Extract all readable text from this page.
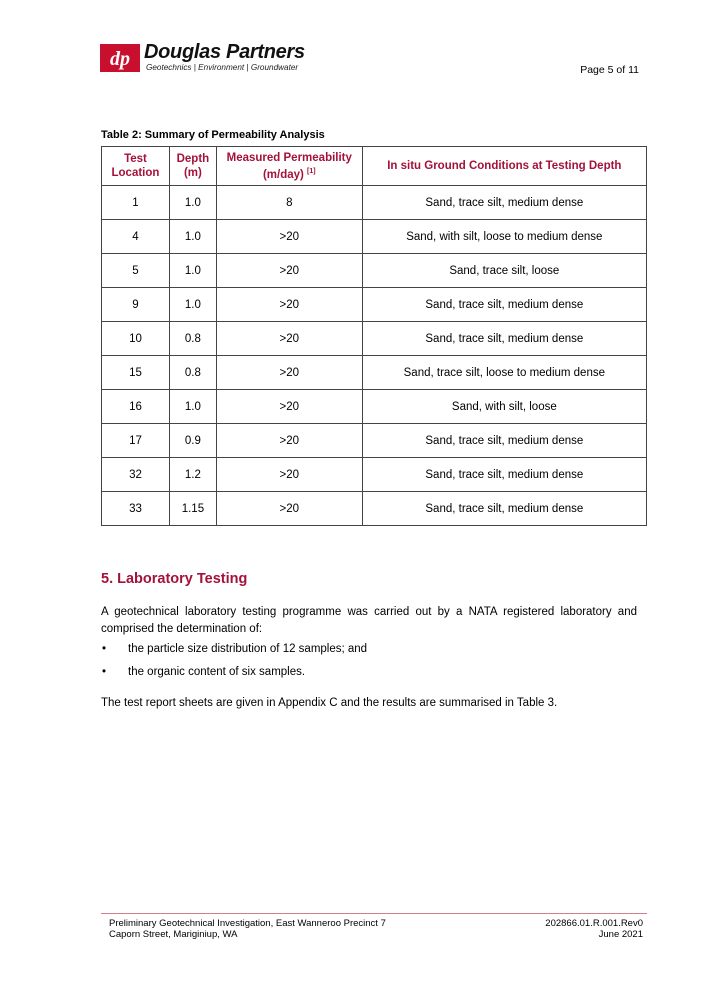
dp Douglas Partners
Geotechnics | Environment | Groundwater	Page 5 of 11
Table 2: Summary of Permeability Analysis
Test Location	Depth (m)	Measured Permeability (m/day) [1]	In situ Ground Conditions at Testing Depth
1	1.0	8	Sand, trace silt, medium dense
4	1.0	>20	Sand, with silt, loose to medium dense
5	1.0	>20	Sand, trace silt, loose
9	1.0	>20	Sand, trace silt, medium dense
10	0.8	>20	Sand, trace silt, medium dense
15	0.8	>20	Sand, trace silt, loose to medium dense
16	1.0	>20	Sand, with silt, loose
17	0.9	>20	Sand, trace silt, medium dense
32	1.2	>20	Sand, trace silt, medium dense
33	1.15	>20	Sand, trace silt, medium dense
5. Laboratory Testing
A geotechnical laboratory testing programme was carried out by a NATA registered laboratory and comprised the determination of:
• the particle size distribution of 12 samples; and
• the organic content of six samples.
The test report sheets are given in Appendix C and the results are summarised in Table 3.
Preliminary Geotechnical Investigation, East Wanneroo Precinct 7
Caporn Street, Mariginiup, WA
202866.01.R.001.Rev0
June 2021
